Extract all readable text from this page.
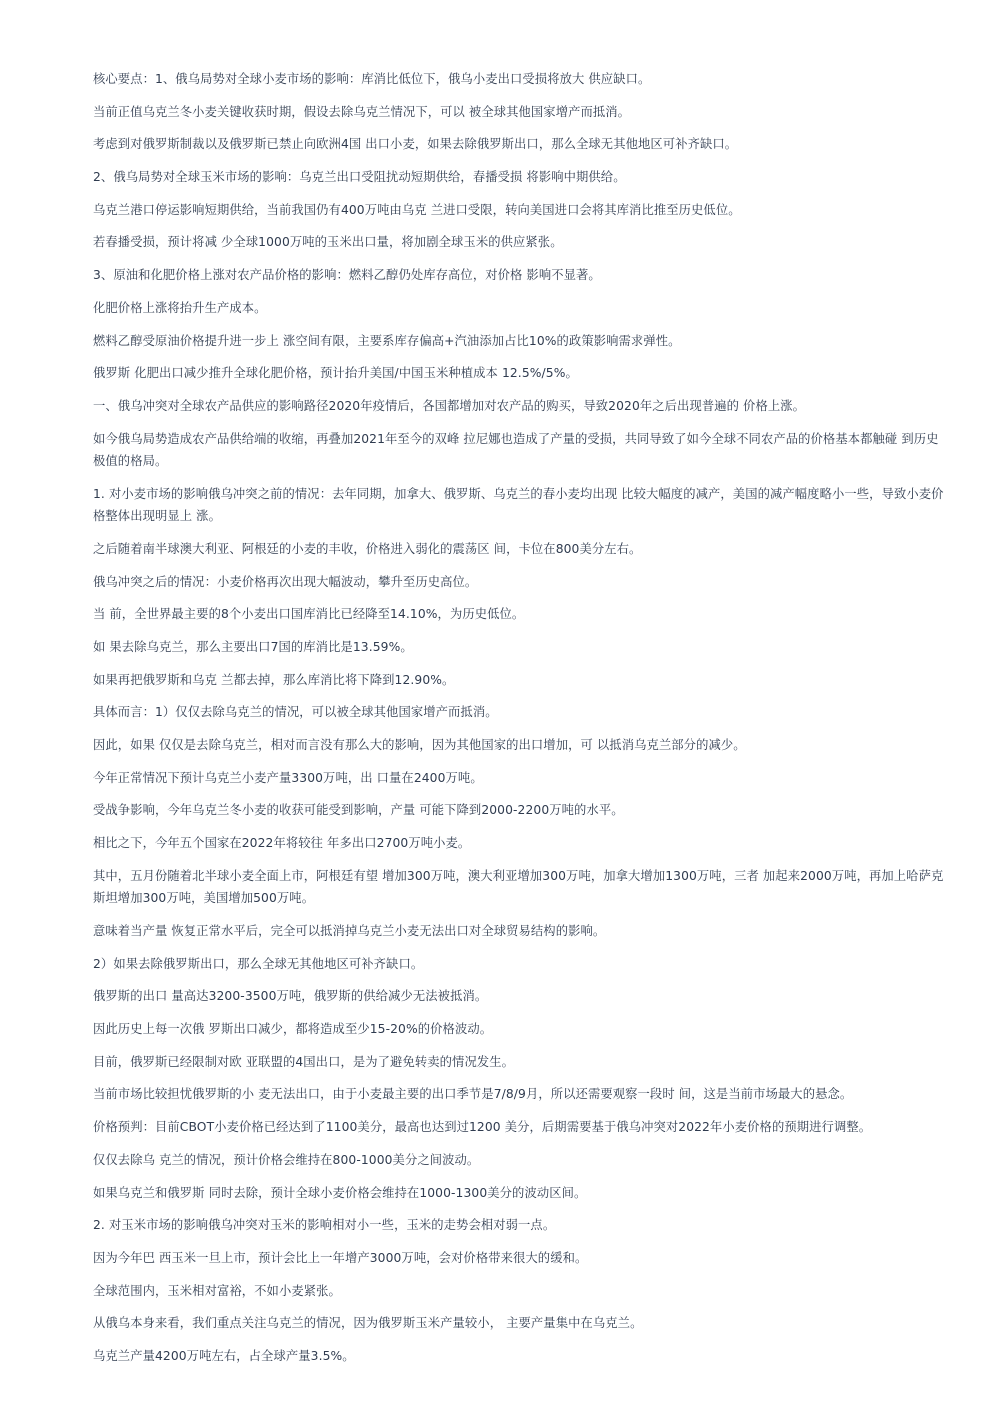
核心要点：1、俄乌局势对全球小麦市场的影响：库消比低位下，俄乌小麦出口受损将放大 供应缺口。

当前正值乌克兰冬小麦关键收获时期，假设去除乌克兰情况下，可以 被全球其他国家增产而抵消。

考虑到对俄罗斯制裁以及俄罗斯已禁止向欧洲4国 出口小麦，如果去除俄罗斯出口，那么全球无其他地区可补齐缺口。

2、俄乌局势对全球玉米市场的影响：乌克兰出口受阻扰动短期供给，春播受损 将影响中期供给。

乌克兰港口停运影响短期供给，当前我国仍有400万吨由乌克 兰进口受限，转向美国进口会将其库消比推至历史低位。

若春播受损，预计将减 少全球1000万吨的玉米出口量，将加剧全球玉米的供应紧张。

3、原油和化肥价格上涨对农产品价格的影响：燃料乙醇仍处库存高位，对价格 影响不显著。

化肥价格上涨将抬升生产成本。

燃料乙醇受原油价格提升进一步上 涨空间有限，主要系库存偏高+汽油添加占比10%的政策影响需求弹性。

俄罗斯 化肥出口减少推升全球化肥价格，预计抬升美国/中国玉米种植成本 12.5%/5%。

一、俄乌冲突对全球农产品供应的影响路径2020年疫情后，各国都增加对农产品的购买，导致2020年之后出现普遍的 价格上涨。

如今俄乌局势造成农产品供给端的收缩，再叠加2021年至今的双峰 拉尼娜也造成了产量的受损，共同导致了如今全球不同农产品的价格基本都触碰 到历史极值的格局。

1. 对小麦市场的影响俄乌冲突之前的情况：去年同期，加拿大、俄罗斯、乌克兰的春小麦均出现 比较大幅度的减产，美国的减产幅度略小一些，导致小麦价格整体出现明显上 涨。

之后随着南半球澳大利亚、阿根廷的小麦的丰收，价格进入弱化的震荡区 间，卡位在800美分左右。

俄乌冲突之后的情况：小麦价格再次出现大幅波动，攀升至历史高位。

当 前，全世界最主要的8个小麦出口国库消比已经降至14.10%，为历史低位。

如 果去除乌克兰，那么主要出口7国的库消比是13.59%。

如果再把俄罗斯和乌克 兰都去掉，那么库消比将下降到12.90%。

具体而言：1）仅仅去除乌克兰的情况，可以被全球其他国家增产而抵消。

因此，如果 仅仅是去除乌克兰，相对而言没有那么大的影响，因为其他国家的出口增加，可 以抵消乌克兰部分的减少。

今年正常情况下预计乌克兰小麦产量3300万吨，出 口量在2400万吨。

受战争影响，今年乌克兰冬小麦的收获可能受到影响，产量 可能下降到2000-2200万吨的水平。

相比之下，今年五个国家在2022年将较往 年多出口2700万吨小麦。

其中，五月份随着北半球小麦全面上市，阿根廷有望 增加300万吨，澳大利亚增加300万吨，加拿大增加1300万吨，三者 加起来2000万吨，再加上哈萨克斯坦增加300万吨，美国增加500万吨。

意味着当产量 恢复正常水平后，完全可以抵消掉乌克兰小麦无法出口对全球贸易结构的影响。

2）如果去除俄罗斯出口，那么全球无其他地区可补齐缺口。

俄罗斯的出口 量高达3200-3500万吨，俄罗斯的供给减少无法被抵消。

因此历史上每一次俄 罗斯出口减少，都将造成至少15-20%的价格波动。

目前，俄罗斯已经限制对欧 亚联盟的4国出口，是为了避免转卖的情况发生。

当前市场比较担忧俄罗斯的小 麦无法出口，由于小麦最主要的出口季节是7/8/9月，所以还需要观察一段时 间，这是当前市场最大的悬念。

价格预判：目前CBOT小麦价格已经达到了1100美分，最高也达到过1200 美分，后期需要基于俄乌冲突对2022年小麦价格的预期进行调整。

仅仅去除乌 克兰的情况，预计价格会维持在800-1000美分之间波动。

如果乌克兰和俄罗斯 同时去除，预计全球小麦价格会维持在1000-1300美分的波动区间。

2. 对玉米市场的影响俄乌冲突对玉米的影响相对小一些，玉米的走势会相对弱一点。

因为今年巴 西玉米一旦上市，预计会比上一年增产3000万吨，会对价格带来很大的缓和。

全球范围内，玉米相对富裕，不如小麦紧张。

从俄乌本身来看，我们重点关注乌克兰的情况，因为俄罗斯玉米产量较小， 主要产量集中在乌克兰。

乌克兰产量4200万吨左右，占全球产量3.5%。
